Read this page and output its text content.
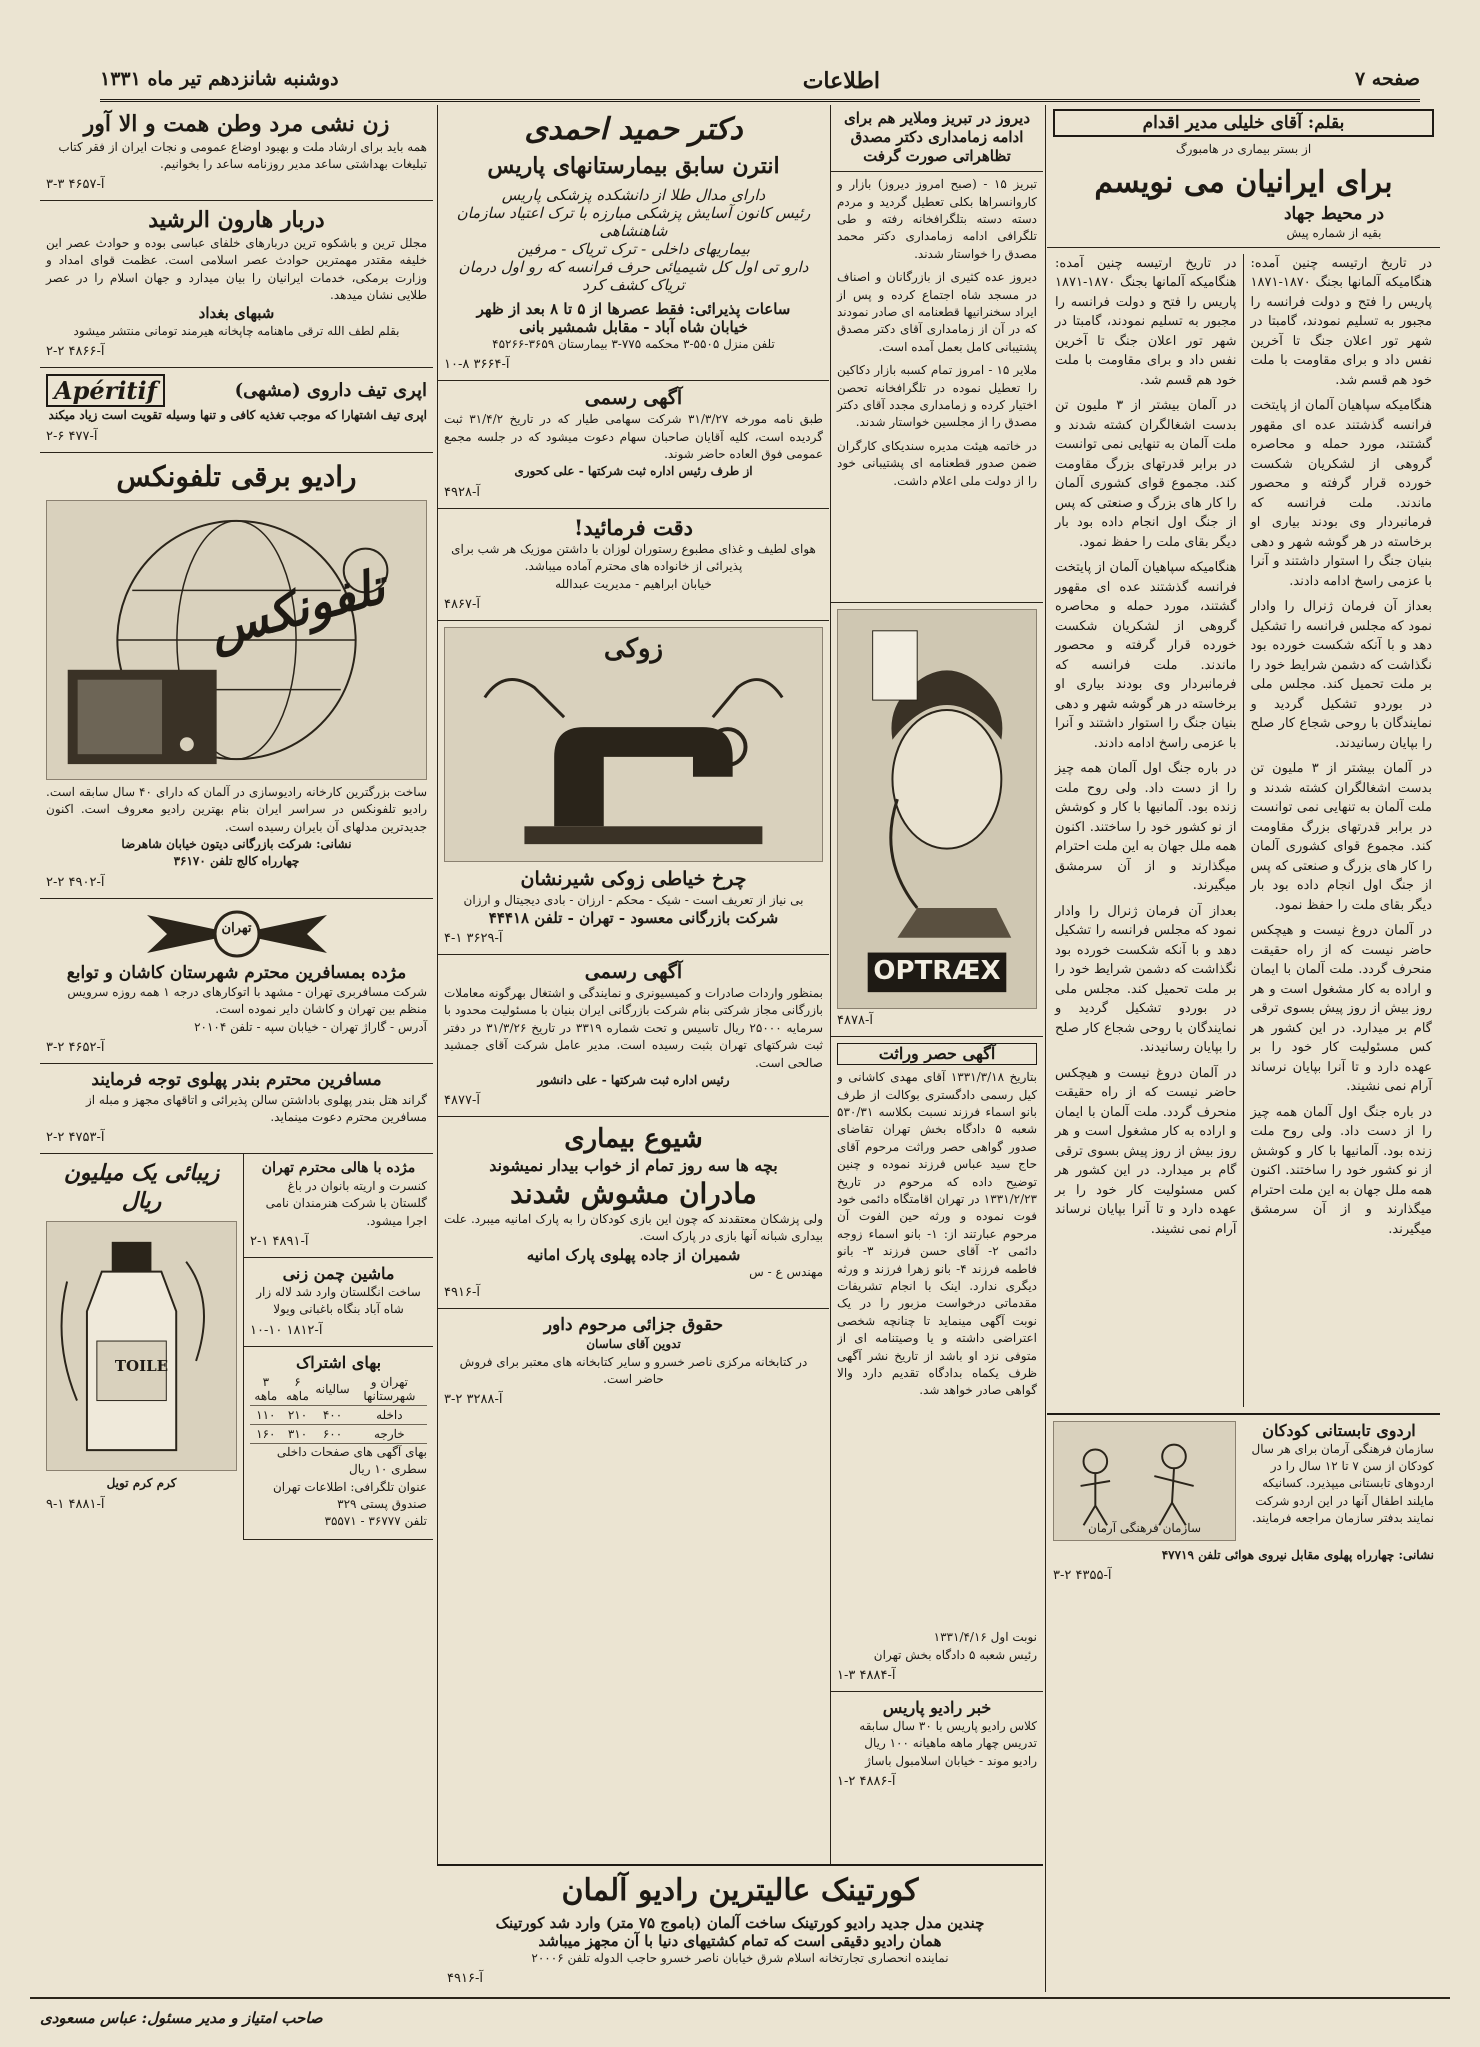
صفحه ۷
اطلاعات
دوشنبه شانزدهم تیر ماه ۱۳۳۱
بقلم: آقای خلیلی مدیر اقدام
از بستر بیماری در هامبورگ
برای ایرانیان می نویسم
در محیط جهاد
بقیه از شماره پیش

در تاریخ ارتیسه چنین آمده: هنگامیکه آلمانها بجنگ ۱۸۷۰-۱۸۷۱ پاریس را فتح و دولت فرانسه را مجبور به تسلیم نمودند، گامبتا در شهر تور اعلان جنگ تا آخرین نفس داد و برای مقاومت با ملت خود هم قسم شد.

هنگامیکه سپاهیان آلمان از پایتخت فرانسه گذشتند عده ای مقهور گشتند، مورد حمله و محاصره گروهی از لشکریان شکست خورده قرار گرفته و محصور ماندند. ملت فرانسه که فرمانبردار وی بودند بیاری او برخاسته در هر گوشه شهر و دهی بنیان جنگ را استوار داشتند و آنرا با عزمی راسخ ادامه دادند.

بعداز آن فرمان ژنرال را وادار نمود که مجلس فرانسه را تشکیل دهد و با آنکه شکست خورده بود نگذاشت که دشمن شرایط خود را بر ملت تحمیل کند. مجلس ملی در بوردو تشکیل گردید و نمایندگان با روحی شجاع کار صلح را بپایان رسانیدند.

در آلمان بیشتر از ۳ ملیون تن بدست اشغالگران کشته شدند و ملت آلمان به تنهایی نمی توانست در برابر قدرتهای بزرگ مقاومت کند. مجموع قوای کشوری آلمان را کار های بزرگ و صنعتی که پس از جنگ اول انجام داده بود بار دیگر بقای ملت را حفظ نمود.

در آلمان دروغ نیست و هیچکس حاضر نیست که از راه حقیقت منحرف گردد. ملت آلمان با ایمان و اراده به کار مشغول است و هر روز بیش از روز پیش بسوی ترقی گام بر میدارد. در این کشور هر کس مسئولیت کار خود را بر عهده دارد و تا آنرا بپایان نرساند آرام نمی نشیند.

در باره جنگ اول آلمان همه چیز را از دست داد. ولی روح ملت زنده بود. آلمانیها با کار و کوشش از نو کشور خود را ساختند. اکنون همه ملل جهان به این ملت احترام میگذارند و از آن سرمشق میگیرند.

در تاریخ ارتیسه چنین آمده: هنگامیکه آلمانها بجنگ ۱۸۷۰-۱۸۷۱ پاریس را فتح و دولت فرانسه را مجبور به تسلیم نمودند، گامبتا در شهر تور اعلان جنگ تا آخرین نفس داد و برای مقاومت با ملت خود هم قسم شد.

در آلمان بیشتر از ۳ ملیون تن بدست اشغالگران کشته شدند و ملت آلمان به تنهایی نمی توانست در برابر قدرتهای بزرگ مقاومت کند. مجموع قوای کشوری آلمان را کار های بزرگ و صنعتی که پس از جنگ اول انجام داده بود بار دیگر بقای ملت را حفظ نمود.

هنگامیکه سپاهیان آلمان از پایتخت فرانسه گذشتند عده ای مقهور گشتند، مورد حمله و محاصره گروهی از لشکریان شکست خورده قرار گرفته و محصور ماندند. ملت فرانسه که فرمانبردار وی بودند بیاری او برخاسته در هر گوشه شهر و دهی بنیان جنگ را استوار داشتند و آنرا با عزمی راسخ ادامه دادند.

در باره جنگ اول آلمان همه چیز را از دست داد. ولی روح ملت زنده بود. آلمانیها با کار و کوشش از نو کشور خود را ساختند. اکنون همه ملل جهان به این ملت احترام میگذارند و از آن سرمشق میگیرند.

بعداز آن فرمان ژنرال را وادار نمود که مجلس فرانسه را تشکیل دهد و با آنکه شکست خورده بود نگذاشت که دشمن شرایط خود را بر ملت تحمیل کند. مجلس ملی در بوردو تشکیل گردید و نمایندگان با روحی شجاع کار صلح را بپایان رسانیدند.

در آلمان دروغ نیست و هیچکس حاضر نیست که از راه حقیقت منحرف گردد. ملت آلمان با ایمان و اراده به کار مشغول است و هر روز بیش از روز پیش بسوی ترقی گام بر میدارد. در این کشور هر کس مسئولیت کار خود را بر عهده دارد و تا آنرا بپایان نرساند آرام نمی نشیند.

اردوی تابستانی کودکان
سازمان فرهنگی آرمان برای هر سال کودکان از سن ۷ تا ۱۲ سال را در اردوهای تابستانی میپذیرد. کسانیکه مایلند اطفال آنها در این اردو شرکت نمایند بدفتر سازمان مراجعه فرمایند.
سازمان فرهنگی آرمان
نشانی: چهارراه پهلوی مقابل نیروی هوائی تلفن ۴۷۷۱۹
آ-۴۳۵۵ ۲-۳
دیروز در تبریز وملایر هم برای ادامه زمامداری دکتر مصدق تظاهراتی صورت گرفت

تبریز ۱۵ - (صبح امروز دیروز) بازار و کاروانسراها بکلی تعطیل گردید و مردم دسته دسته بتلگرافخانه رفته و طی تلگرافی ادامه زمامداری دکتر محمد مصدق را خواستار شدند.

دیروز عده کثیری از بازرگانان و اصناف در مسجد شاه اجتماع کرده و پس از ایراد سخنرانیها قطعنامه ای صادر نمودند که در آن از زمامداری آقای دکتر مصدق پشتیبانی کامل بعمل آمده است.

ملایر ۱۵ - امروز تمام کسبه بازار دکاکین را تعطیل نموده در تلگرافخانه تحصن اختیار کرده و زمامداری مجدد آقای دکتر مصدق را از مجلسین خواستار شدند.

در خاتمه هیئت مدیره سندیکای کارگران ضمن صدور قطعنامه ای پشتیبانی خود را از دولت ملی اعلام داشت.

OPTRÆX
آ-۴۸۷۸
آگهی حصر وراثت
بتاریخ ۱۳۳۱/۳/۱۸ آقای مهدی کاشانی و کیل رسمی دادگستری بوکالت از طرف بانو اسماء فرزند نسبت بکلاسه ۵۳۰/۳۱ شعبه ۵ دادگاه بخش تهران تقاضای صدور گواهی حصر وراثت مرحوم آقای حاج سید عباس فرزند نموده و چنین توضیح داده که مرحوم در تاریخ ۱۳۳۱/۲/۲۳ در تهران اقامتگاه دائمی خود فوت نموده و ورثه حین الفوت آن مرحوم عبارتند از: ۱- بانو اسماء زوجه دائمی ۲- آقای حسن فرزند ۳- بانو فاطمه فرزند ۴- بانو زهرا فرزند و ورثه دیگری ندارد. اینک با انجام تشریفات مقدماتی درخواست مزبور را در یک نوبت آگهی مینماید تا چنانچه شخصی اعتراضی داشته و یا وصیتنامه ای از متوفی نزد او باشد از تاریخ نشر آگهی ظرف یکماه بدادگاه تقدیم دارد والا گواهی صادر خواهد شد.
نوبت اول ۱۳۳۱/۴/۱۶
رئیس شعبه ۵ دادگاه بخش تهران
آ-۴۸۸۴ ۳-۱
خبر رادیو پاریس
کلاس رادیو پاریس با ۳۰ سال سابقه تدریس چهار ماهه ماهیانه ۱۰۰ ریال رادیو موند - خیابان اسلامبول باساژ
آ-۴۸۸۶ ۲-۱
دکتر حمید احمدی
انترن سابق بیمارستانهای پاریس
دارای مدال طلا از دانشکده پزشکی پاریس
رئیس کانون آسایش پزشکی مبارزه با ترک اعتیاد سازمان شاهنشاهی
بیماریهای داخلی - ترک تریاک - مرفین
دارو تی اول کل شیمیائی حرف فرانسه که رو اول درمان تریاک کشف کرد
ساعات پذیرائی: فقط عصرها از ۵ تا ۸ بعد از ظهر
خیابان شاه آباد - مقابل شمشیر بانی
تلفن منزل ۵۵۰۵-۳ محکمه ۷۷۵-۳ بیمارستان ۳۶۵۹-۴۵۲۶۶
آ-۳۶۶۴ ۸-۱۰
آگهی رسمی
طبق نامه مورخه ۳۱/۳/۲۷ شرکت سهامی طیار که در تاریخ ۳۱/۴/۲ ثبت گردیده است، کلیه آقایان صاحبان سهام دعوت میشود که در جلسه مجمع عمومی فوق العاده حاضر شوند.
از طرف رئیس اداره ثبت شرکتها - علی کحوری
آ-۴۹۲۸
دقت فرمائید!
هوای لطیف و غذای مطبوع رستوران لوزان با داشتن موزیک هر شب برای پذیرائی از خانواده های محترم آماده میباشد.
خیابان ابراهیم - مدیریت عبدالله
آ-۴۸۶۷
زوکی
چرخ خیاطی زوکی شیرنشان
بی نیاز از تعریف است - شیک - محکم - ارزان - بادی دیجیتال و ارزان
شرکت بازرگانی معسود - تهران - تلفن ۴۴۴۱۸
آ-۳۶۲۹ ۱-۴
آگهی رسمی
بمنظور واردات صادرات و کمیسیونری و نمایندگی و اشتغال بهرگونه معاملات بازرگانی مجاز شرکتی بنام شرکت بازرگانی ایران بنیان با مسئولیت محدود با سرمایه ۲۵۰۰۰ ریال تاسیس و تحت شماره ۳۳۱۹ در تاریخ ۳۱/۳/۲۶ در دفتر ثبت شرکتهای تهران بثبت رسیده است. مدیر عامل شرکت آقای جمشید صالحی است.
رئیس اداره ثبت شرکتها - علی دانشور
آ-۴۸۷۷
شیوع بیماری
بچه ها سه روز تمام از خواب بیدار نمیشوند
مادران مشوش شدند
ولی پزشکان معتقدند که چون این بازی کودکان را به پارک امانیه میبرد. علت بیداری شبانه آنها بازی در پارک است.
شمیران از جاده پهلوی پارک امانیه
مهندس ع - س
آ-۴۹۱۶
حقوق جزائی مرحوم داور
تدوین آقای ساسان
در کتابخانه مرکزی ناصر خسرو و سایر کتابخانه های معتبر برای فروش حاضر است.
آ-۳۲۸۸ ۲-۳
زن نشی مرد وطن همت و الا آور
همه باید برای ارشاد ملت و بهبود اوضاع عمومی و نجات ایران از فقر کتاب تبلیغات بهداشتی ساعد مدیر روزنامه ساعد را بخوانیم.
آ-۴۶۵۷ ۳-۳
دربار هارون الرشید
مجلل ترین و باشکوه ترین دربارهای خلفای عباسی بوده و حوادث عصر این خلیفه مقتدر مهمترین حوادث عصر اسلامی است. عظمت قوای امداد و وزارت برمکی، خدمات ایرانیان را بیان میدارد و جهان اسلام را در عصر طلایی نشان میدهد.
شبهای بغداد
بقلم لطف الله ترقی ماهنامه چاپخانه هیرمند تومانی منتشر میشود
آ-۴۸۶۶ ۲-۲
اپری تیف داروی (مشهی)
Apéritif
اپری تیف اشتهارا که موجب تغذیه کافی و تنها وسیله تقویت است زیاد میکند
آ-۴۷۷ ۶-۲
رادیو برقی تلفونکس
تلفونکس
ساخت بزرگترین کارخانه رادیوسازی در آلمان که دارای ۴۰ سال سابقه است. رادیو تلفونکس در سراسر ایران بنام بهترین رادیو معروف است. اکنون جدیدترین مدلهای آن بایران رسیده است.
نشانی: شرکت بازرگانی دیتون خیابان شاهرضا
چهارراه کالج تلفن ۳۶۱۷۰
آ-۴۹۰۲ ۲-۲
تهران
مژده بمسافرین محترم شهرستان کاشان و توابع
شرکت مسافربری تهران - مشهد با اتوکارهای درجه ۱ همه روزه سرویس منظم بین تهران و کاشان دایر نموده است.
آدرس - گاراژ تهران - خیابان سپه - تلفن ۲۰۱۰۴
آ-۴۶۵۲ ۲-۳
مسافرین محترم بندر پهلوی توجه فرمایند
گراند هتل بندر پهلوی باداشتن سالن پذیرائی و اتاقهای مجهز و مبله از مسافرین محترم دعوت مینماید.
آ-۴۷۵۳ ۲-۲
مژده با هالی محترم تهران
کنسرت و اریته بانوان در باغ گلستان با شرکت هنرمندان نامی اجرا میشود.
آ-۴۸۹۱ ۱-۲
ماشین چمن زنی
ساخت انگلستان وارد شد لاله زار شاه آباد بنگاه باغبانی ویولا
آ-۱۸۱۲ ۱۰-۱۰
بهای اشتراک
تهران و شهرستانها	سالیانه	۶ ماهه	۳ ماهه
داخله	۴۰۰	۲۱۰	۱۱۰
خارجه	۶۰۰	۳۱۰	۱۶۰
بهای آگهی های صفحات داخلی سطری ۱۰ ریال
عنوان تلگرافی: اطلاعات تهران صندوق پستی ۳۲۹
تلفن ۳۶۷۷۷ - ۳۵۵۷۱
زیبائی یک میلیون ریال
TOILE
کرم کرم تویل
آ-۴۸۸۱ ۱-۹
کورتینک عالیترین رادیو آلمان
چندین مدل جدید رادیو کورتینک ساخت آلمان (باموج ۷۵ متر) وارد شد کورتینک
همان رادیو دقیقی است که تمام کشتیهای دنیا با آن مجهز میباشد
نماینده انحصاری تجارتخانه اسلام شرق خیابان ناصر خسرو حاجب الدوله تلفن ۲۰۰۰۶
آ-۴۹۱۶
صاحب امتیاز و مدیر مسئول: عباس مسعودی
